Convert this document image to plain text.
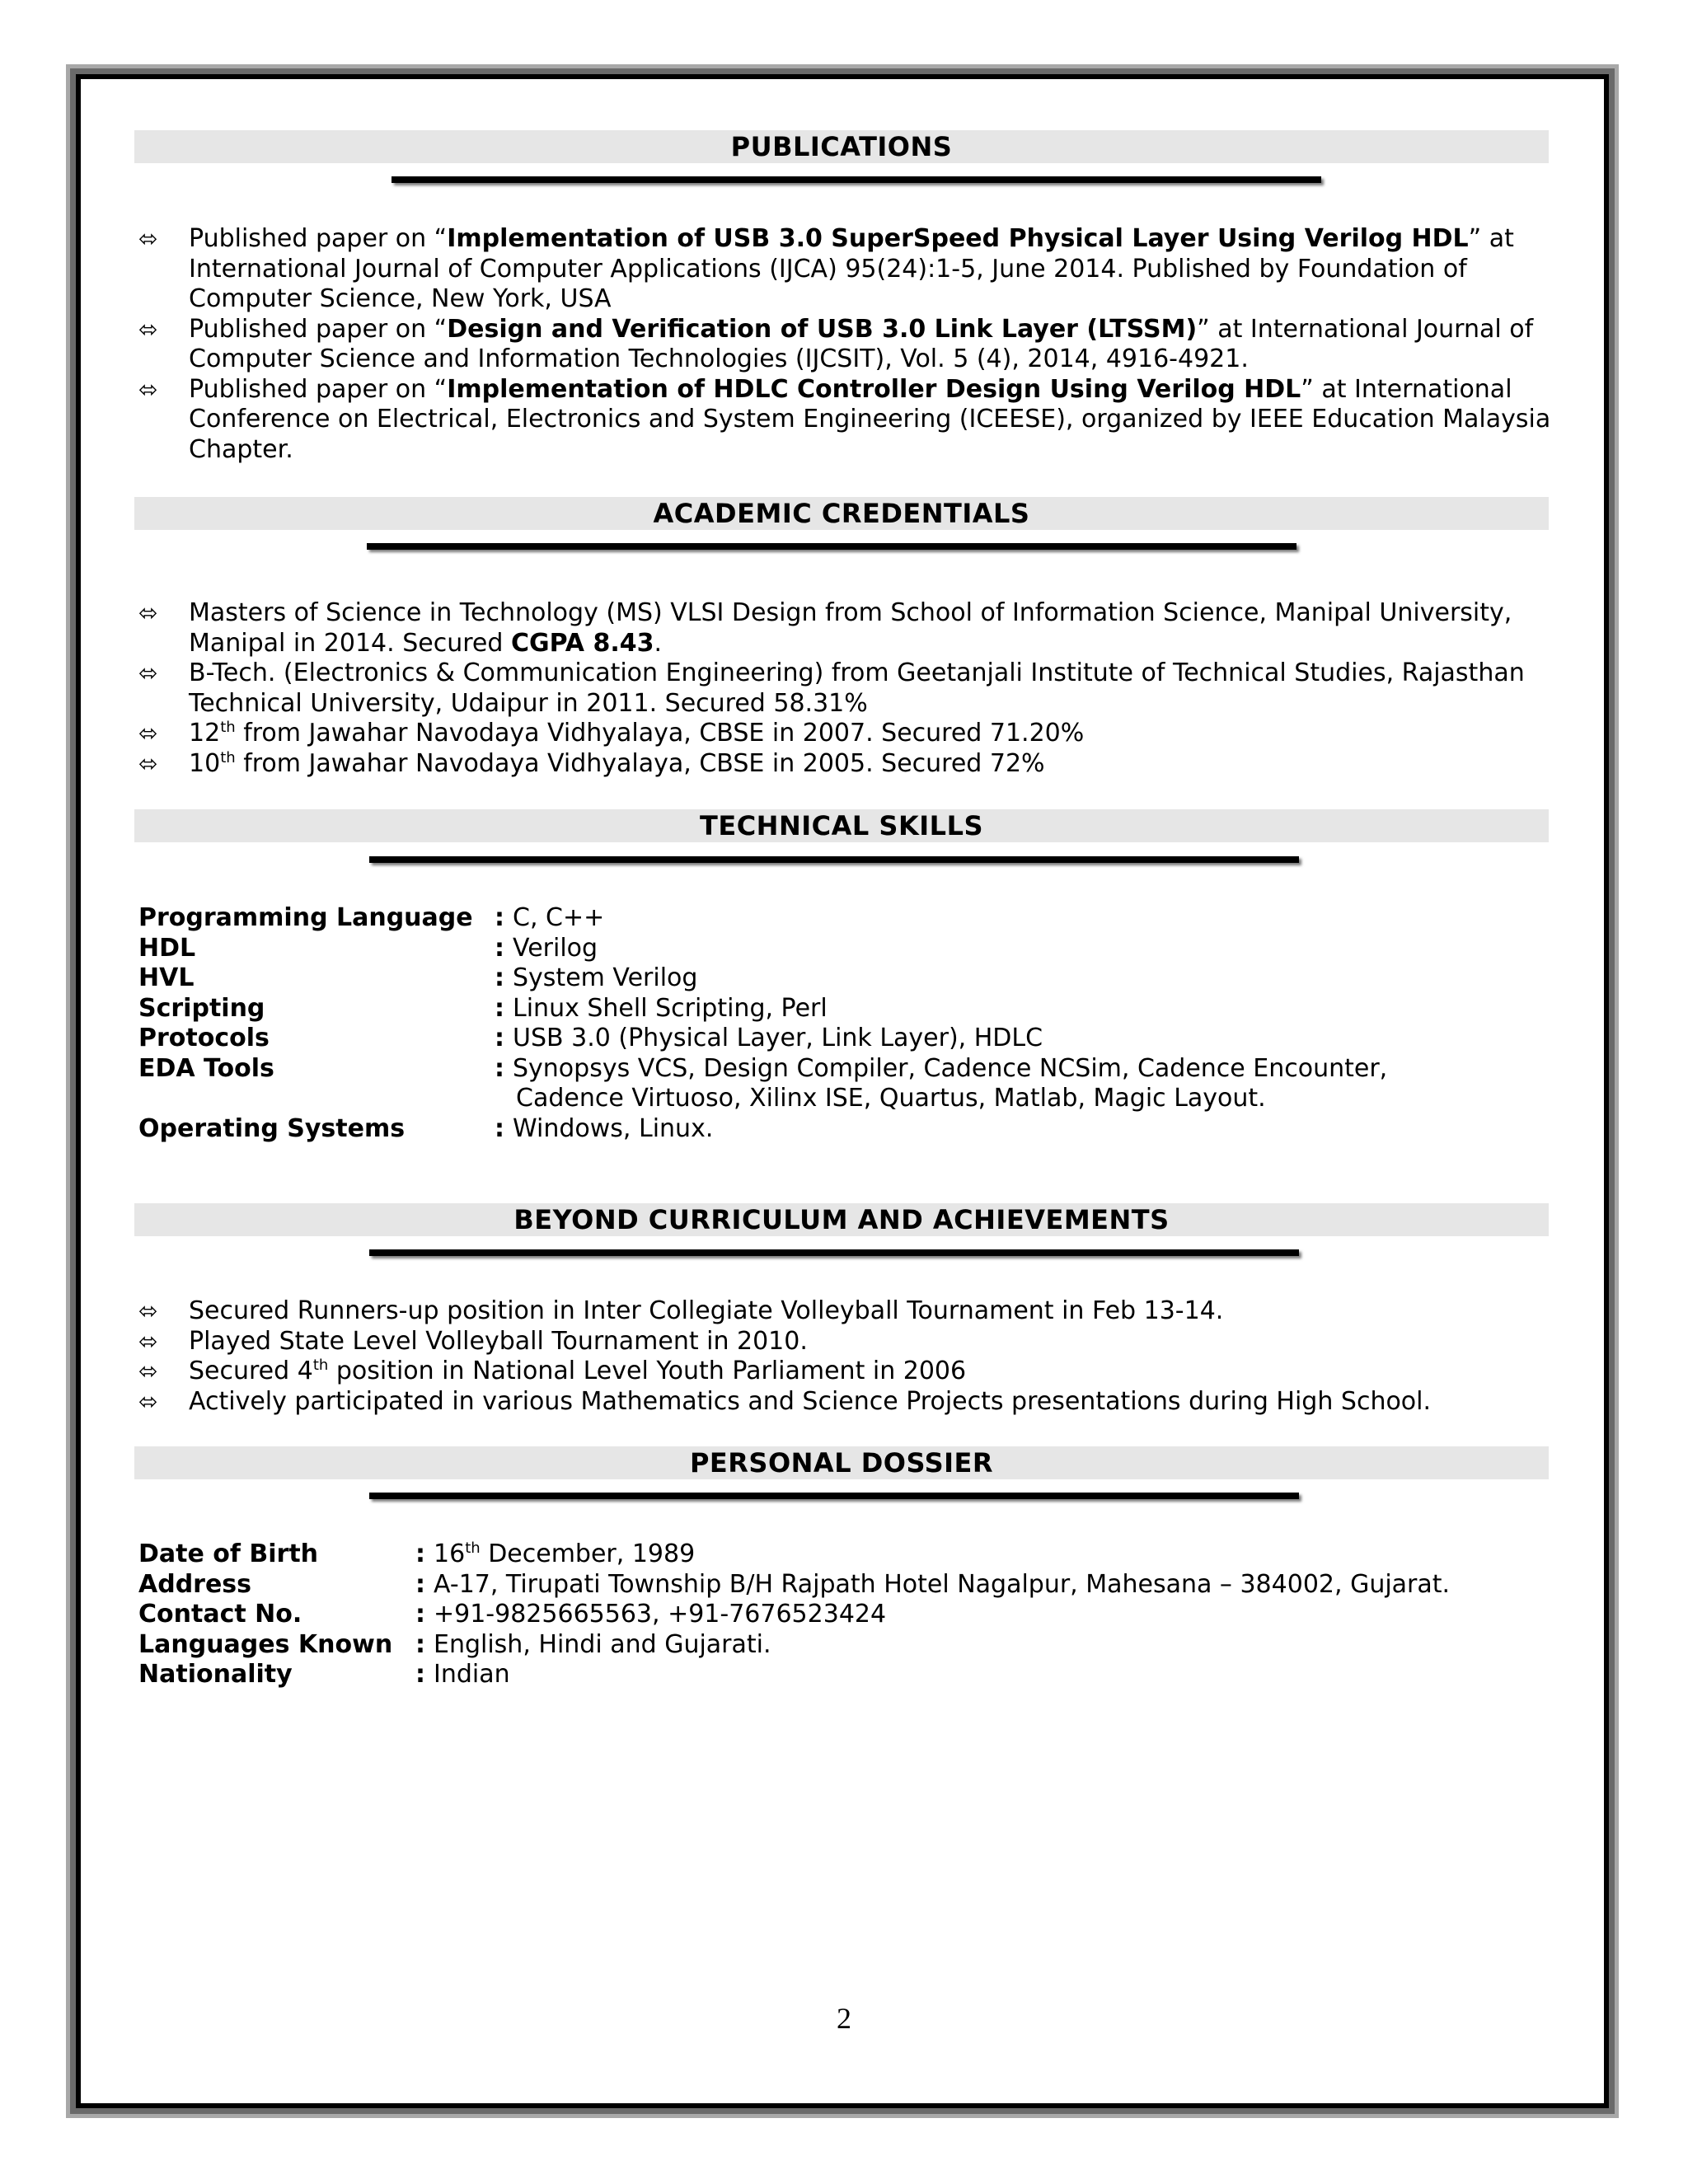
PUBLICATIONS
⬄	Published paper on “Implementation of USB 3.0 SuperSpeed Physical Layer Using Verilog HDL” at International Journal of Computer Applications (IJCA) 95(24):1-5, June 2014. Published by Foundation of Computer Science, New York, USA
⬄	Published paper on “Design and Verification of USB 3.0 Link Layer (LTSSM)” at International Journal of Computer Science and Information Technologies (IJCSIT), Vol. 5 (4), 2014, 4916-4921.
⬄	Published paper on “Implementation of HDLC Controller Design Using Verilog HDL” at International Conference on Electrical, Electronics and System Engineering (ICEESE), organized by IEEE Education Malaysia Chapter.
ACADEMIC CREDENTIALS
⬄	Masters of Science in Technology (MS) VLSI Design from School of Information Science, Manipal University, Manipal in 2014. Secured CGPA 8.43.
⬄	B-Tech. (Electronics & Communication Engineering) from Geetanjali Institute of Technical Studies, Rajasthan Technical University, Udaipur in 2011. Secured 58.31%
⬄	12th from Jawahar Navodaya Vidhyalaya, CBSE in 2007. Secured 71.20%
⬄	10th from Jawahar Navodaya Vidhyalaya, CBSE in 2005. Secured 72%
TECHNICAL SKILLS
Programming Language : C, C++
HDL	: Verilog
HVL	: System Verilog
Scripting	: Linux Shell Scripting, Perl
Protocols	: USB 3.0 (Physical Layer, Link Layer), HDLC
EDA Tools	: Synopsys VCS, Design Compiler, Cadence NCSim, Cadence Encounter,
Cadence Virtuoso, Xilinx ISE, Quartus, Matlab, Magic Layout.
Operating Systems	: Windows, Linux.
BEYOND CURRICULUM AND ACHIEVEMENTS
⬄	Secured Runners-up position in Inter Collegiate Volleyball Tournament in Feb 13-14.
⬄	Played State Level Volleyball Tournament in 2010.
⬄	Secured 4th position in National Level Youth Parliament in 2006
⬄	Actively participated in various Mathematics and Science Projects presentations during High School.
PERSONAL DOSSIER
Date of Birth	: 16th December, 1989
Address	: A-17, Tirupati Township B/H Rajpath Hotel Nagalpur, Mahesana – 384002, Gujarat.
Contact No.	: +91-9825665563, +91-7676523424
Languages Known : English, Hindi and Gujarati.
Nationality	: Indian
2
